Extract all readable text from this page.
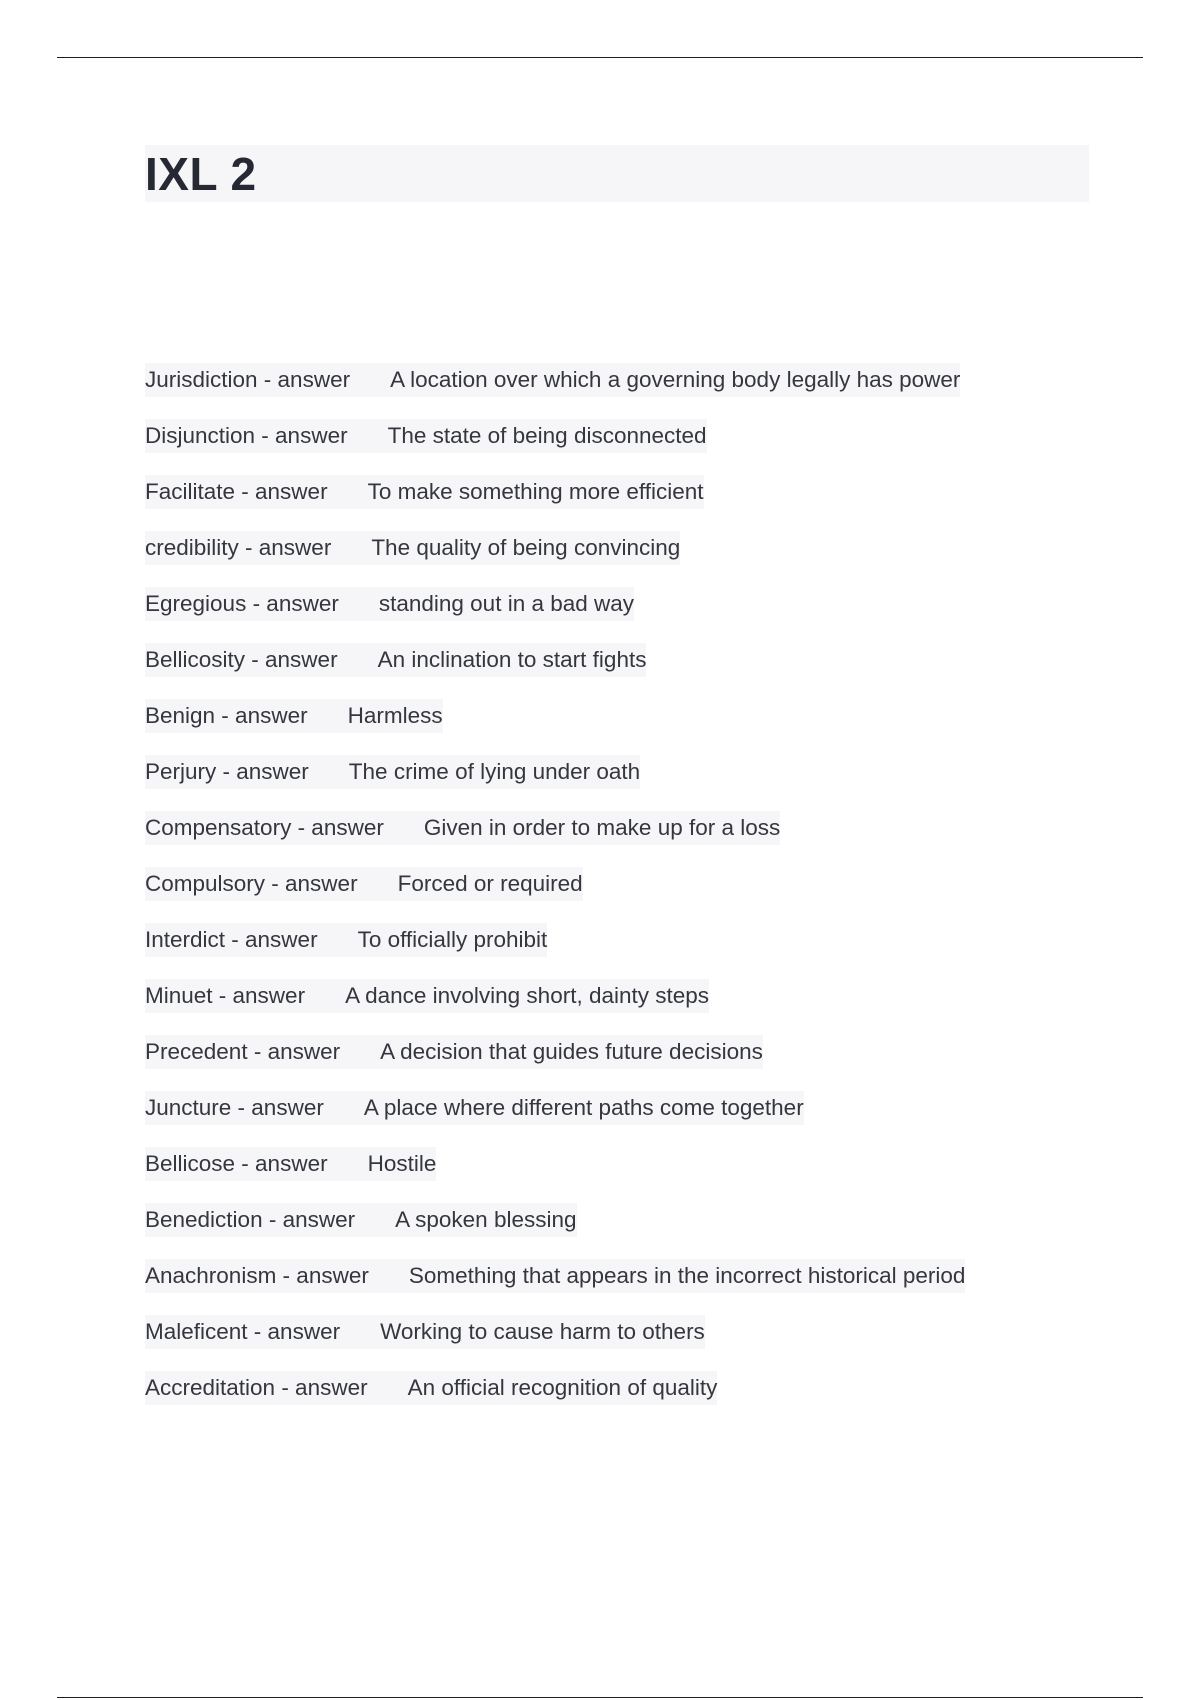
IXL 2
Jurisdiction - answer	A location over which a governing body legally has power
Disjunction - answer	The state of being disconnected
Facilitate - answer	To make something more efficient
credibility - answer	The quality of being convincing
Egregious - answer	standing out in a bad way
Bellicosity - answer	An inclination to start fights
Benign - answer	Harmless
Perjury - answer	The crime of lying under oath
Compensatory - answer	Given in order to make up for a loss
Compulsory - answer	Forced or required
Interdict - answer	To officially prohibit
Minuet - answer	A dance involving short, dainty steps
Precedent - answer	A decision that guides future decisions
Juncture - answer	A place where different paths come together
Bellicose - answer	Hostile
Benediction - answer	A spoken blessing
Anachronism - answer	Something that appears in the incorrect historical period
Maleficent - answer	Working to cause harm to others
Accreditation - answer	An official recognition of quality
